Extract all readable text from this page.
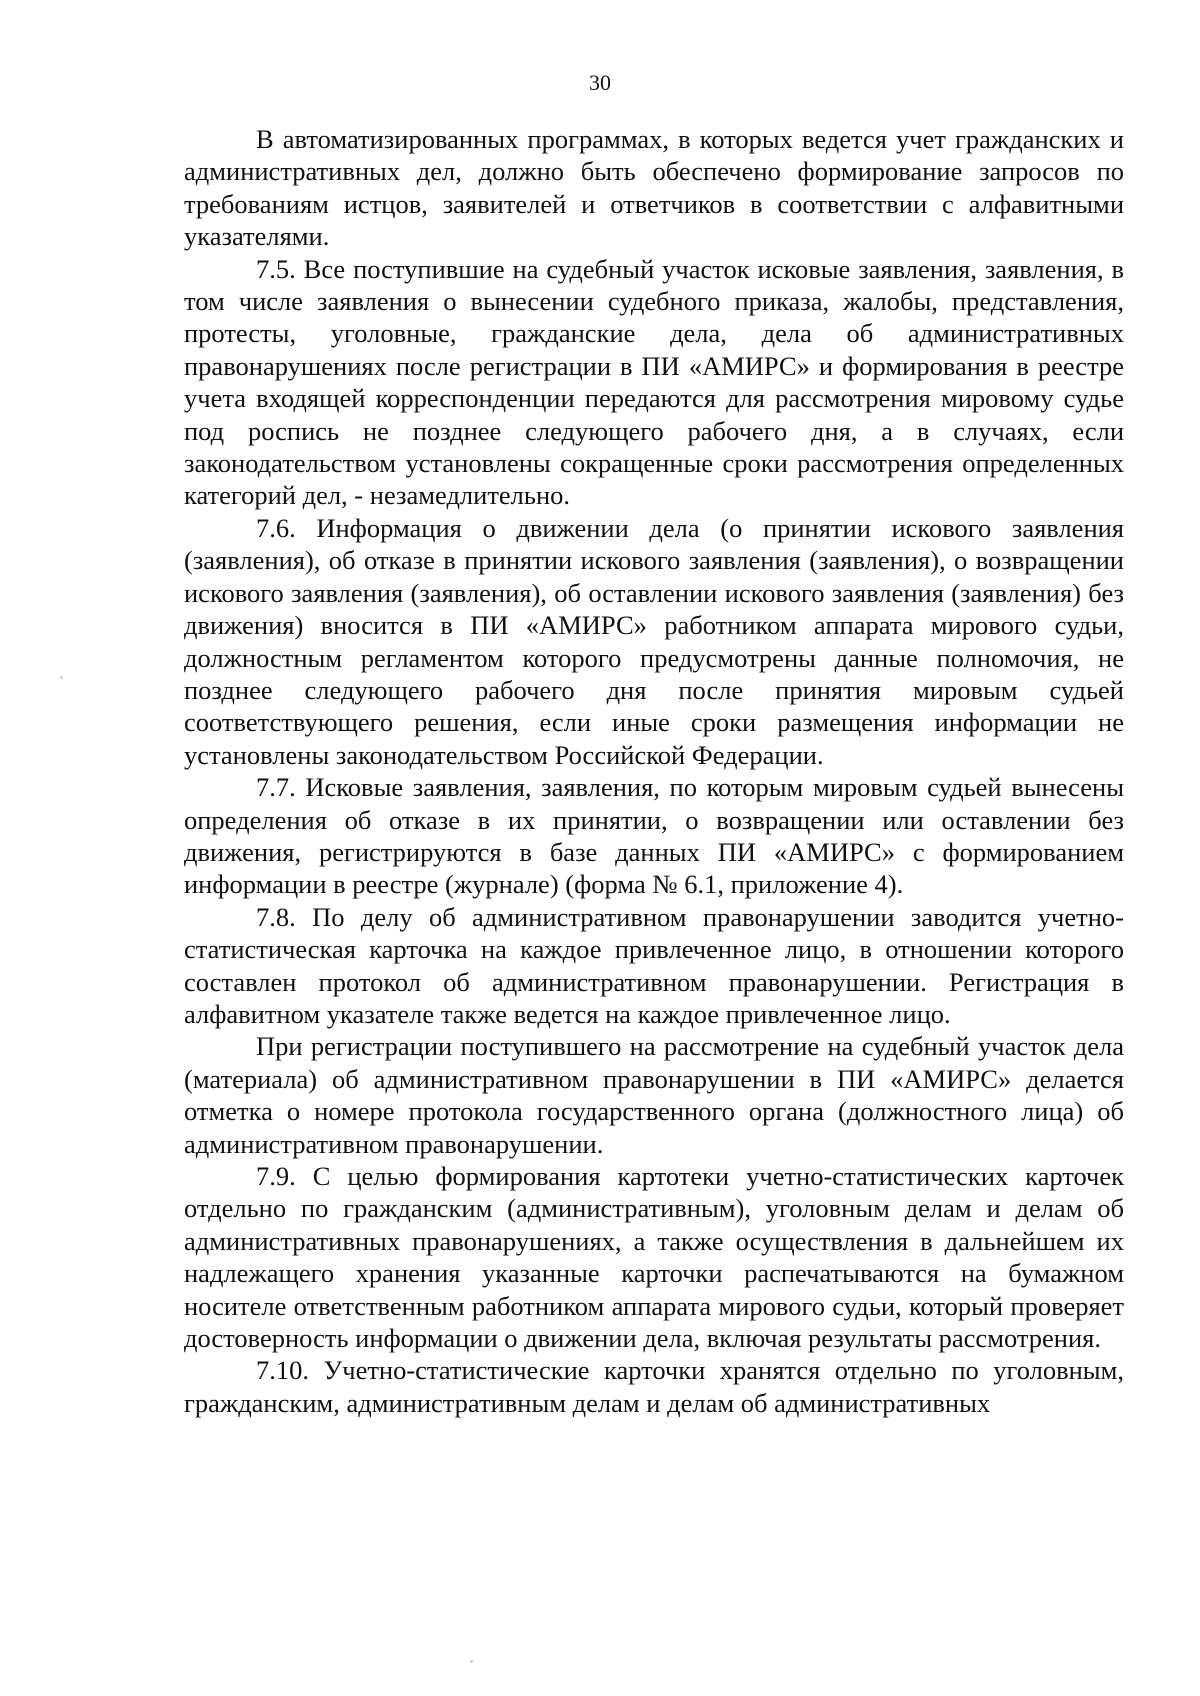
30

В автоматизированных программах, в которых ведется учет гражданских и административных дел, должно быть обеспечено формирование запросов по требованиям истцов, заявителей и ответчиков в соответствии с алфавитными указателями.

7.5. Все поступившие на судебный участок исковые заявления, заявления, в том числе заявления о вынесении судебного приказа, жалобы, представления, протесты, уголовные, гражданские дела, дела об административных правонарушениях после регистрации в ПИ «АМИРС» и формирования в реестре учета входящей корреспонденции передаются для рассмотрения мировому судье под роспись не позднее следующего рабочего дня, а в случаях, если законодательством установлены сокращенные сроки рассмотрения определенных категорий дел, - незамедлительно.

7.6. Информация о движении дела (о принятии искового заявления (заявления), об отказе в принятии искового заявления (заявления), о возвращении искового заявления (заявления), об оставлении искового заявления (заявления) без движения) вносится в ПИ «АМИРС» работником аппарата мирового судьи, должностным регламентом которого предусмотрены данные полномочия, не позднее следующего рабочего дня после принятия мировым судьей соответствующего решения, если иные сроки размещения информации не установлены законодательством Российской Федерации.

7.7. Исковые заявления, заявления, по которым мировым судьей вынесены определения об отказе в их принятии, о возвращении или оставлении без движения, регистрируются в базе данных ПИ «АМИРС» с формированием информации в реестре (журнале) (форма № 6.1, приложение 4).

7.8. По делу об административном правонарушении заводится учетно-статистическая карточка на каждое привлеченное лицо, в отношении которого составлен протокол об административном правонарушении. Регистрация в алфавитном указателе также ведется на каждое привлеченное лицо.

При регистрации поступившего на рассмотрение на судебный участок дела (материала) об административном правонарушении в ПИ «АМИРС» делается отметка о номере протокола государственного органа (должностного лица) об административном правонарушении.

7.9. С целью формирования картотеки учетно-статистических карточек отдельно по гражданским (административным), уголовным делам и делам об административных правонарушениях, а также осуществления в дальнейшем их надлежащего хранения указанные карточки распечатываются на бумажном носителе ответственным работником аппарата мирового судьи, который проверяет достоверность информации о движении дела, включая результаты рассмотрения.

7.10. Учетно-статистические карточки хранятся отдельно по уголовным, гражданским, административным делам и делам об административных
